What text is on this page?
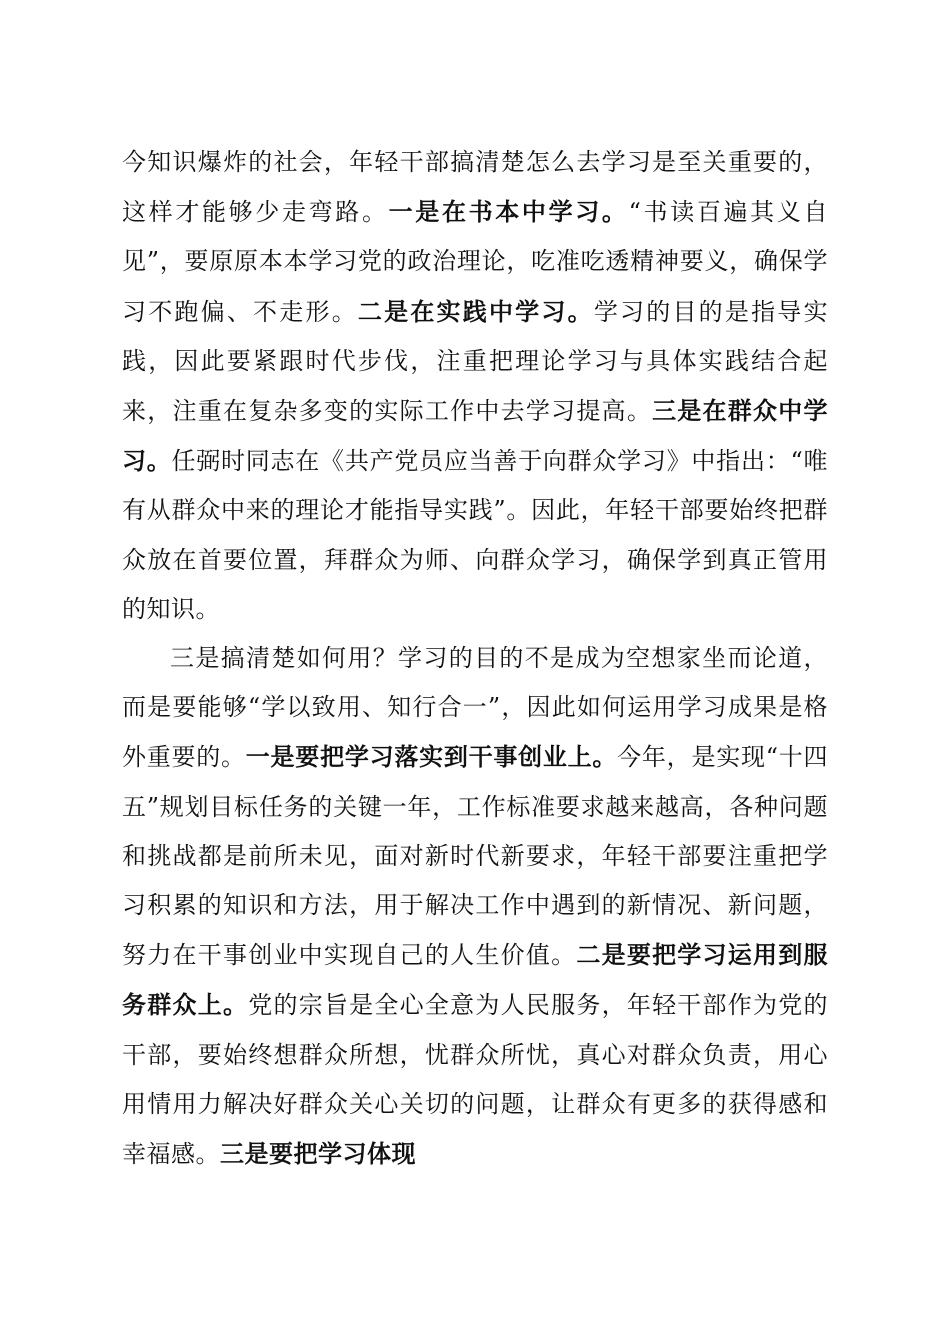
今知识爆炸的社会，年轻干部搞清楚怎么去学习是至关重要的，这样才能够少走弯路。一是在书本中学习。“书读百遍其义自见”，要原原本本学习党的政治理论，吃准吃透精神要义，确保学习不跑偏、不走形。二是在实践中学习。学习的目的是指导实践，因此要紧跟时代步伐，注重把理论学习与具体实践结合起来，注重在复杂多变的实际工作中去学习提高。三是在群众中学习。任弼时同志在《共产党员应当善于向群众学习》中指出：“唯有从群众中来的理论才能指导实践”。因此，年轻干部要始终把群众放在首要位置，拜群众为师、向群众学习，确保学到真正管用的知识。

三是搞清楚如何用？学习的目的不是成为空想家坐而论道，而是要能够“学以致用、知行合一”，因此如何运用学习成果是格外重要的。一是要把学习落实到干事创业上。今年，是实现“十四五”规划目标任务的关键一年，工作标准要求越来越高，各种问题和挑战都是前所未见，面对新时代新要求，年轻干部要注重把学习积累的知识和方法，用于解决工作中遇到的新情况、新问题，努力在干事创业中实现自己的人生价值。二是要把学习运用到服务群众上。党的宗旨是全心全意为人民服务，年轻干部作为党的干部，要始终想群众所想，忧群众所忧，真心对群众负责，用心用情用力解决好群众关心关切的问题，让群众有更多的获得感和幸福感。三是要把学习体现
